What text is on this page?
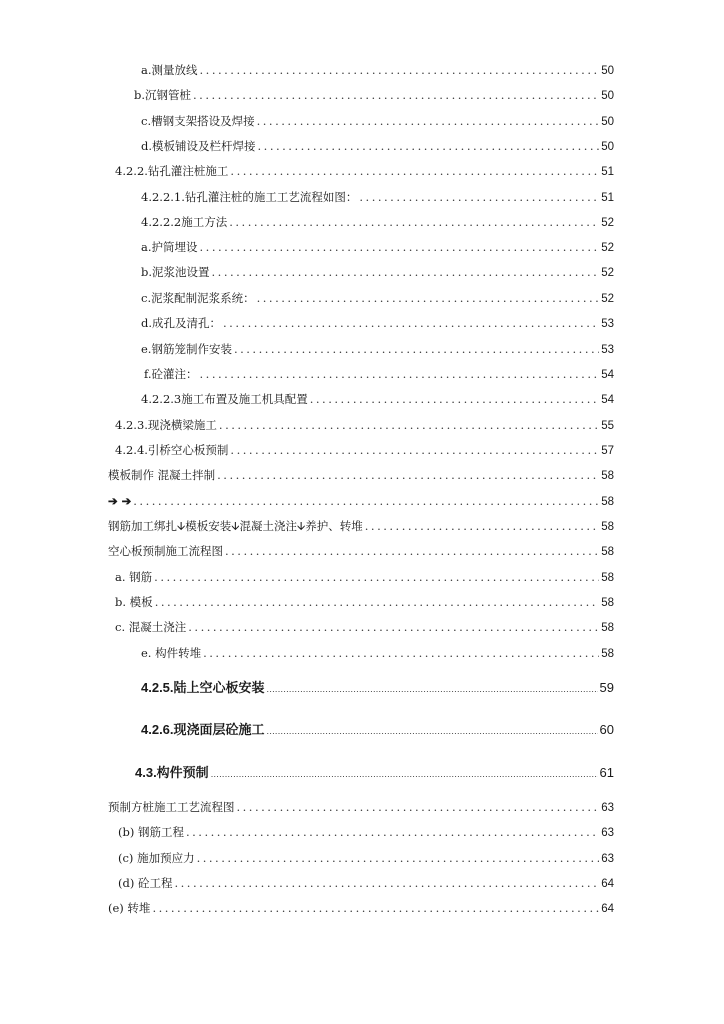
a.测量放线 .....	50
b.沉钢管桩 .....	50
c.槽钢支架搭设及焊接 .....	50
d.模板铺设及栏杆焊接 .....	50
4.2.2.钻孔灌注桩施工 .....	51
4.2.2.1.钻孔灌注桩的施工工艺流程如图： .....	51
4.2.2.2施工方法 .....	52
a.护筒埋设 .....	52
b.泥浆池设置 .....	52
c.泥浆配制泥浆系统： .....	52
d.成孔及清孔： .....	53
e.钢筋笼制作安装 .....	53
f.砼灌注： .....	54
4.2.2.3施工布置及施工机具配置 .....	54
4.2.3.现浇横梁施工 .....	55
4.2.4.引桥空心板预制 .....	57
模板制作 混凝土拌制 .....	58
➔ ➔ .....	58
钢筋加工绑扎🡫模板安装🡫混凝土浇注🡫养护、转堆 .....	58
空心板预制施工流程图 .....	58
a. 钢筋 .....	58
b. 模板 .....	58
c. 混凝土浇注 .....	58
e. 构件转堆 .....	58
4.2.5.陆上空心板安装 .....	59
4.2.6.现浇面层砼施工 .....	60
4.3.构件预制 .....	61
预制方桩施工工艺流程图 .....	63
(b) 钢筋工程 .....	63
(c) 施加预应力 .....	63
(d) 砼工程 .....	64
(e) 转堆 .....	64
